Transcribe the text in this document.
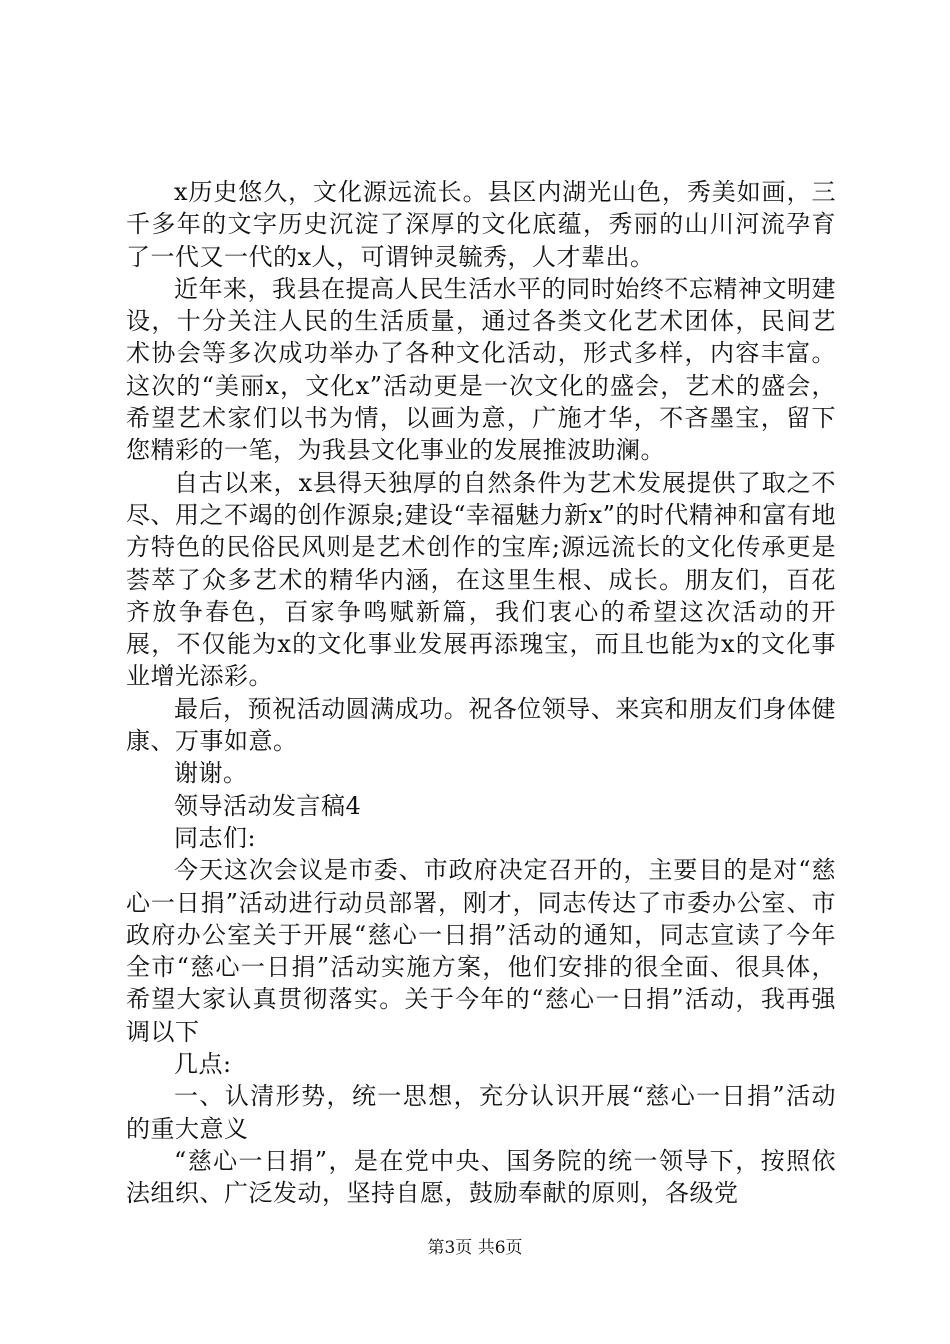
x历史悠久，文化源远流长。县区内湖光山色，秀美如画，三千多年的文字历史沉淀了深厚的文化底蕴，秀丽的山川河流孕育了一代又一代的x人，可谓钟灵毓秀，人才辈出。

近年来，我县在提高人民生活水平的同时始终不忘精神文明建设，十分关注人民的生活质量，通过各类文化艺术团体，民间艺术协会等多次成功举办了各种文化活动，形式多样，内容丰富。这次的“美丽x，文化x”活动更是一次文化的盛会，艺术的盛会，希望艺术家们以书为情，以画为意，广施才华，不吝墨宝，留下您精彩的一笔，为我县文化事业的发展推波助澜。

自古以来，x县得天独厚的自然条件为艺术发展提供了取之不尽、用之不竭的创作源泉;建设“幸福魅力新x”的时代精神和富有地方特色的民俗民风则是艺术创作的宝库;源远流长的文化传承更是荟萃了众多艺术的精华内涵，在这里生根、成长。朋友们，百花齐放争春色，百家争鸣赋新篇，我们衷心的希望这次活动的开展，不仅能为x的文化事业发展再添瑰宝，而且也能为x的文化事业增光添彩。

最后，预祝活动圆满成功。祝各位领导、来宾和朋友们身体健康、万事如意。

谢谢。

领导活动发言稿4

同志们:

今天这次会议是市委、市政府决定召开的，主要目的是对“慈心一日捐”活动进行动员部署，刚才，同志传达了市委办公室、市政府办公室关于开展“慈心一日捐”活动的通知，同志宣读了今年全市“慈心一日捐”活动实施方案，他们安排的很全面、很具体，希望大家认真贯彻落实。关于今年的“慈心一日捐”活动，我再强调以下

几点:

一、认清形势，统一思想，充分认识开展“慈心一日捐”活动的重大意义

“慈心一日捐”，是在党中央、国务院的统一领导下，按照依法组织、广泛发动，坚持自愿，鼓励奉献的原则，各级党

第3页 共6页
